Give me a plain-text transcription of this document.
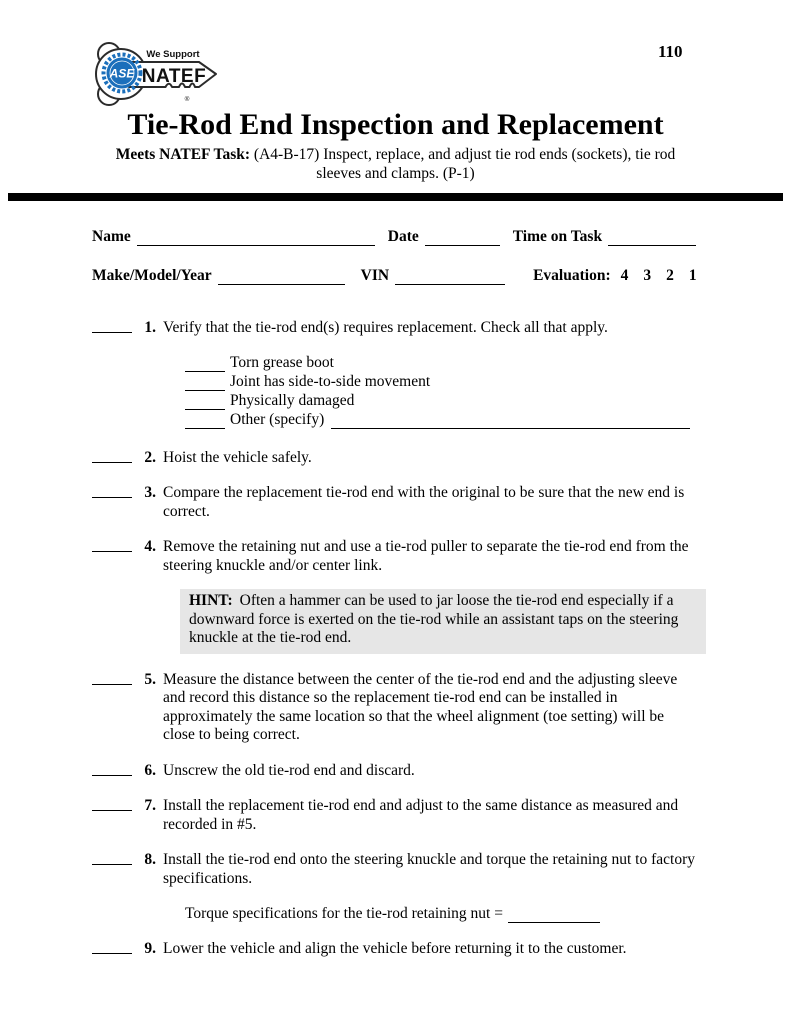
110
ASE
We Support
NATEF
®
Tie-Rod End Inspection and Replacement
Meets NATEF Task: (A4-B-17) Inspect, replace, and adjust tie rod ends (sockets), tie rod
sleeves and clamps. (P-1)
Name	Date	Time on Task
Make/Model/Year	VIN	Evaluation: 4 3 2 1
1. Verify that the tie-rod end(s) requires replacement. Check all that apply.
Torn grease boot
Joint has side-to-side movement
Physically damaged
Other (specify)
2. Hoist the vehicle safely.
3. Compare the replacement tie-rod end with the original to be sure that the new end is correct.
4. Remove the retaining nut and use a tie-rod puller to separate the tie-rod end from the steering knuckle and/or center link.
HINT: Often a hammer can be used to jar loose the tie-rod end especially if a downward force is exerted on the tie-rod while an assistant taps on the steering knuckle at the tie-rod end.
5. Measure the distance between the center of the tie-rod end and the adjusting sleeve and record this distance so the replacement tie-rod end can be installed in approximately the same location so that the wheel alignment (toe setting) will be close to being correct.
6. Unscrew the old tie-rod end and discard.
7. Install the replacement tie-rod end and adjust to the same distance as measured and recorded in #5.
8. Install the tie-rod end onto the steering knuckle and torque the retaining nut to factory specifications.
Torque specifications for the tie-rod retaining nut =
9. Lower the vehicle and align the vehicle before returning it to the customer.
